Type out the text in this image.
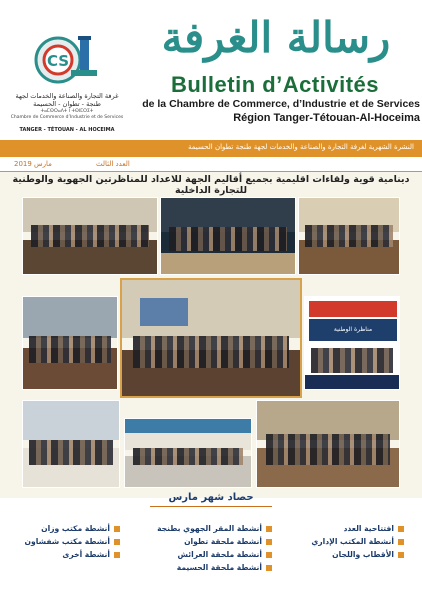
CS
غرفة التجارة والصناعة والخدمات لجهة طنجة - تطوان - الحسيمة
ⵜⴰⵎⵙⵔⴰⴷⵜ ⵏ ⵜⵙⵏⵎⵔⵉⵜ
Chambre de Commerce d’Industrie et de Services
TANGER - TÉTOUAN - AL HOCEIMA
رسالة الغرفة
Bulletin d’Activités
de la Chambre de Commerce, d’Industrie et de Services
Région Tanger-Tétouan-Al-Hoceima
النشرة الشهرية لغرفة التجارة والصناعة والخدمات لجهة طنجة تطوان الحسيمة
العدد الثالث
مارس 2019
دينامية قوية ولقاءات اقليمية بجميع أقاليم الجهة للاعداد للمناظرتين الجهوية والوطنية للتجارة الداخلية
مناظرة الوطنية
حصاد شهر مارس
افتتاحية العدد
أنشطة المكتب الإداري
الأقطاب واللجان
أنشطة المقر الجهوي بطنجة
أنشطة ملحقة تطوان
أنشطة ملحقة العرائش
أنشطة ملحقة الحسيمة
أنشطة مكتب وزان
أنشطة مكتب شفشاون
أنشطة أخرى
